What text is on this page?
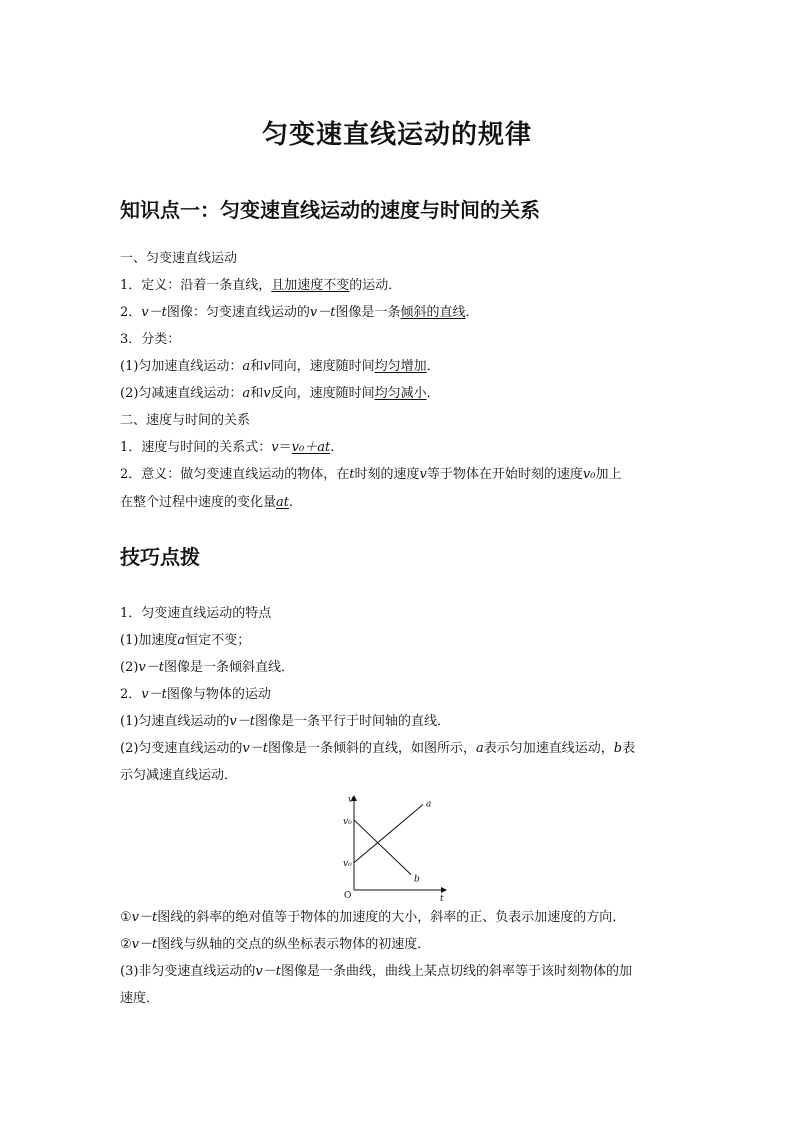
匀变速直线运动的规律
知识点一：匀变速直线运动的速度与时间的关系
一、匀变速直线运动
1．定义：沿着一条直线，且加速度不变的运动．
2．v－t图像：匀变速直线运动的v－t图像是一条倾斜的直线．
3．分类：
(1)匀加速直线运动：a和v同向，速度随时间均匀增加．
(2)匀减速直线运动：a和v反向，速度随时间均匀减小．
二、速度与时间的关系
1．速度与时间的关系式：v＝v₀＋at.
2．意义：做匀变速直线运动的物体，在t时刻的速度v等于物体在开始时刻的速度v₀加上
在整个过程中速度的变化量at.
技巧点拨
1．匀变速直线运动的特点
(1)加速度a恒定不变；
(2)v－t图像是一条倾斜直线．
2．v－t图像与物体的运动
(1)匀速直线运动的v－t图像是一条平行于时间轴的直线．
(2)匀变速直线运动的v－t图像是一条倾斜的直线，如图所示，a表示匀加速直线运动，b表
示匀减速直线运动．
a
b
v
t
O
v₀
v₀
①v－t图线的斜率的绝对值等于物体的加速度的大小，斜率的正、负表示加速度的方向．
②v－t图线与纵轴的交点的纵坐标表示物体的初速度．
(3)非匀变速直线运动的v－t图像是一条曲线，曲线上某点切线的斜率等于该时刻物体的加
速度．
